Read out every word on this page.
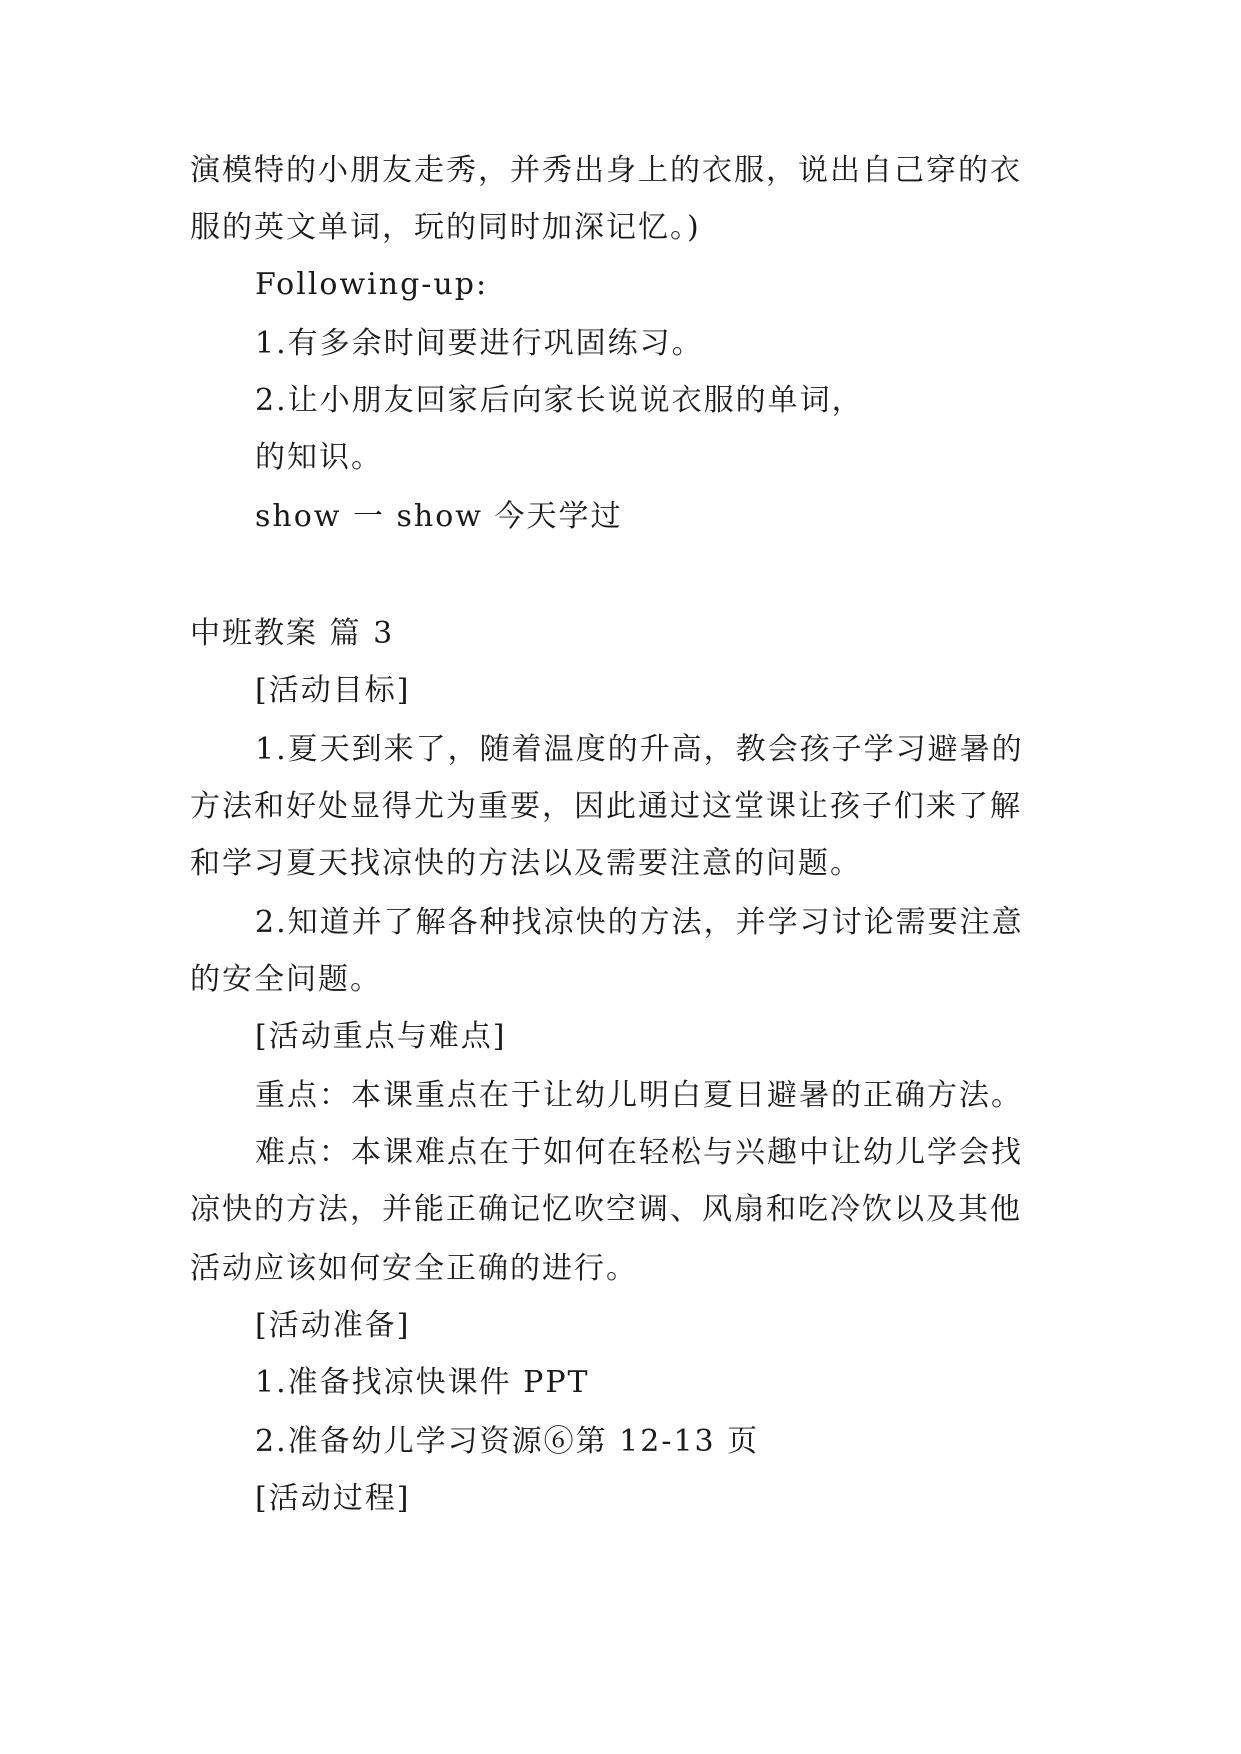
演模特的小朋友走秀，并秀出身上的衣服，说出自己穿的衣
服的英文单词，玩的同时加深记忆。)
Following-up:
1.有多余时间要进行巩固练习。
2.让小朋友回家后向家长说说衣服的单词，
的知识。
show 一 show 今天学过
中班教案 篇 3
[活动目标]
1.夏天到来了，随着温度的升高，教会孩子学习避暑的
方法和好处显得尤为重要，因此通过这堂课让孩子们来了解
和学习夏天找凉快的方法以及需要注意的问题。
2.知道并了解各种找凉快的方法，并学习讨论需要注意
的安全问题。
[活动重点与难点]
重点：本课重点在于让幼儿明白夏日避暑的正确方法。
难点：本课难点在于如何在轻松与兴趣中让幼儿学会找
凉快的方法，并能正确记忆吹空调、风扇和吃冷饮以及其他
活动应该如何安全正确的进行。
[活动准备]
1.准备找凉快课件 PPT
2.准备幼儿学习资源⑥第 12-13 页
[活动过程]
